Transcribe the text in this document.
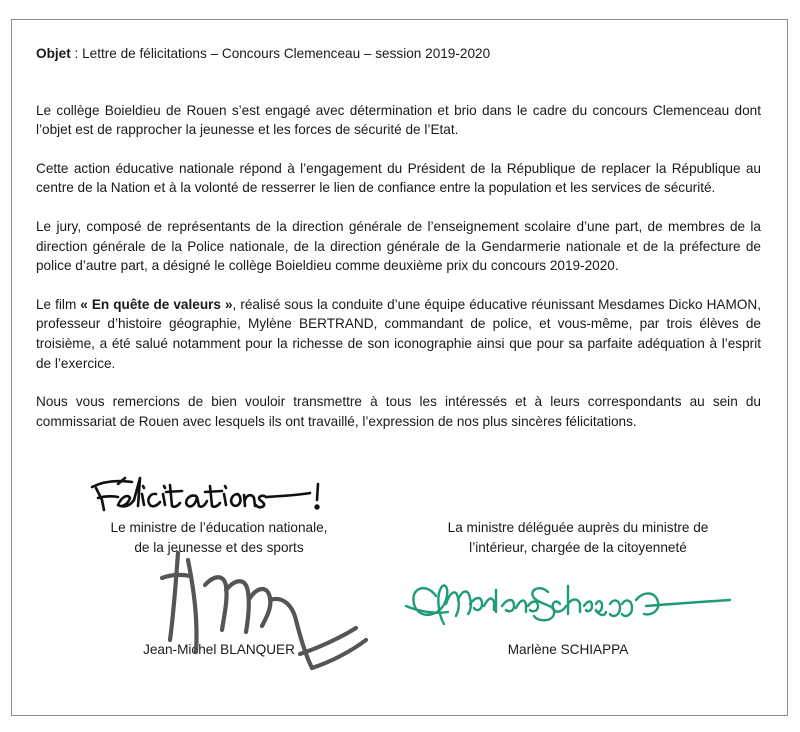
Objet : Lettre de félicitations – Concours Clemenceau – session 2019-2020

Le collège Boieldieu de Rouen s’est engagé avec détermination et brio dans le cadre du concours Clemenceau dont l’objet est de rapprocher la jeunesse et les forces de sécurité de l’Etat.

Cette action éducative nationale répond à l’engagement du Président de la République de replacer la République au centre de la Nation et à la volonté de resserrer le lien de confiance entre la population et les services de sécurité.

Le jury, composé de représentants de la direction générale de l’enseignement scolaire d’une part, de membres de la direction générale de la Police nationale, de la direction générale de la Gendarmerie nationale et de la préfecture de police d’autre part, a désigné le collège Boieldieu comme deuxième prix du concours 2019-2020.

Le film « En quête de valeurs », réalisé sous la conduite d’une équipe éducative réunissant Mesdames Dicko HAMON, professeur d’histoire géographie, Mylène BERTRAND, commandant de police, et vous-même, par trois élèves de troisième, a été salué notamment pour la richesse de son iconographie ainsi que pour sa parfaite adéquation à l’esprit de l’exercice.

Nous vous remercions de bien vouloir transmettre à tous les intéressés et à leurs correspondants au sein du commissariat de Rouen avec lesquels ils ont travaillé, l’expression de nos plus sincères félicitations.

Le ministre de l’éducation nationale,
de la jeunesse et des sports
La ministre déléguée auprès du ministre de
l’intérieur, chargée de la citoyenneté
Jean-Michel BLANQUER	Marlène SCHIAPPA
